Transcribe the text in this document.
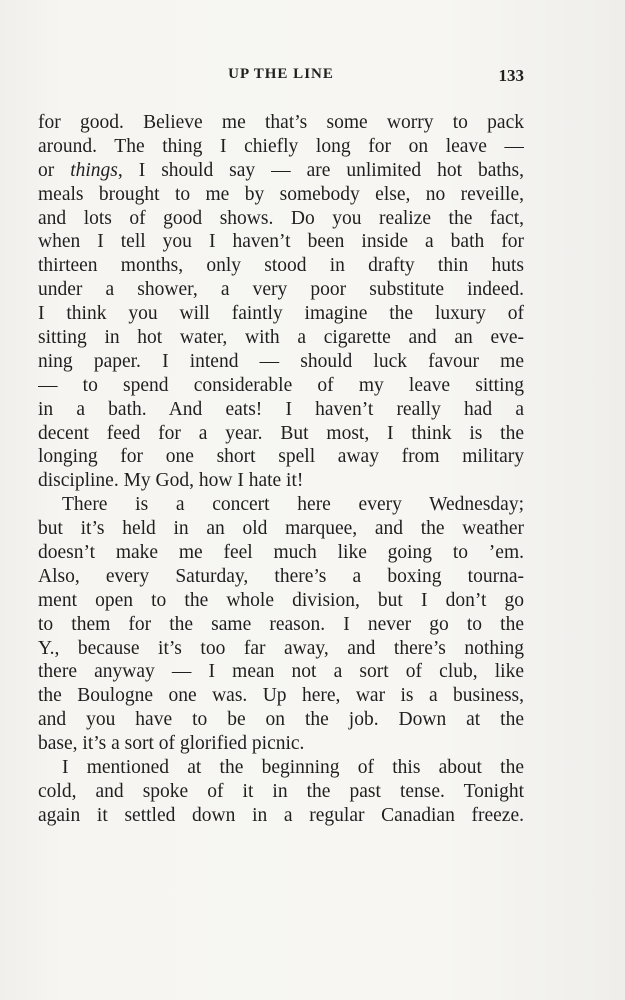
UP THE LINE	133
for good. Believe me that’s some worry to pack
around. The thing I chiefly long for on leave —
or things, I should say — are unlimited hot baths,
meals brought to me by somebody else, no reveille,
and lots of good shows. Do you realize the fact,
when I tell you I haven’t been inside a bath for
thirteen months, only stood in drafty thin huts
under a shower, a very poor substitute indeed.
I think you will faintly imagine the luxury of
sitting in hot water, with a cigarette and an eve-
ning paper. I intend — should luck favour me
— to spend considerable of my leave sitting
in a bath. And eats! I haven’t really had a
decent feed for a year. But most, I think is the
longing for one short spell away from military
discipline. My God, how I hate it!
There is a concert here every Wednesday;
but it’s held in an old marquee, and the weather
doesn’t make me feel much like going to ’em.
Also, every Saturday, there’s a boxing tourna-
ment open to the whole division, but I don’t go
to them for the same reason. I never go to the
Y., because it’s too far away, and there’s nothing
there anyway — I mean not a sort of club, like
the Boulogne one was. Up here, war is a business,
and you have to be on the job. Down at the
base, it’s a sort of glorified picnic.
I mentioned at the beginning of this about the
cold, and spoke of it in the past tense. Tonight
again it settled down in a regular Canadian freeze.
